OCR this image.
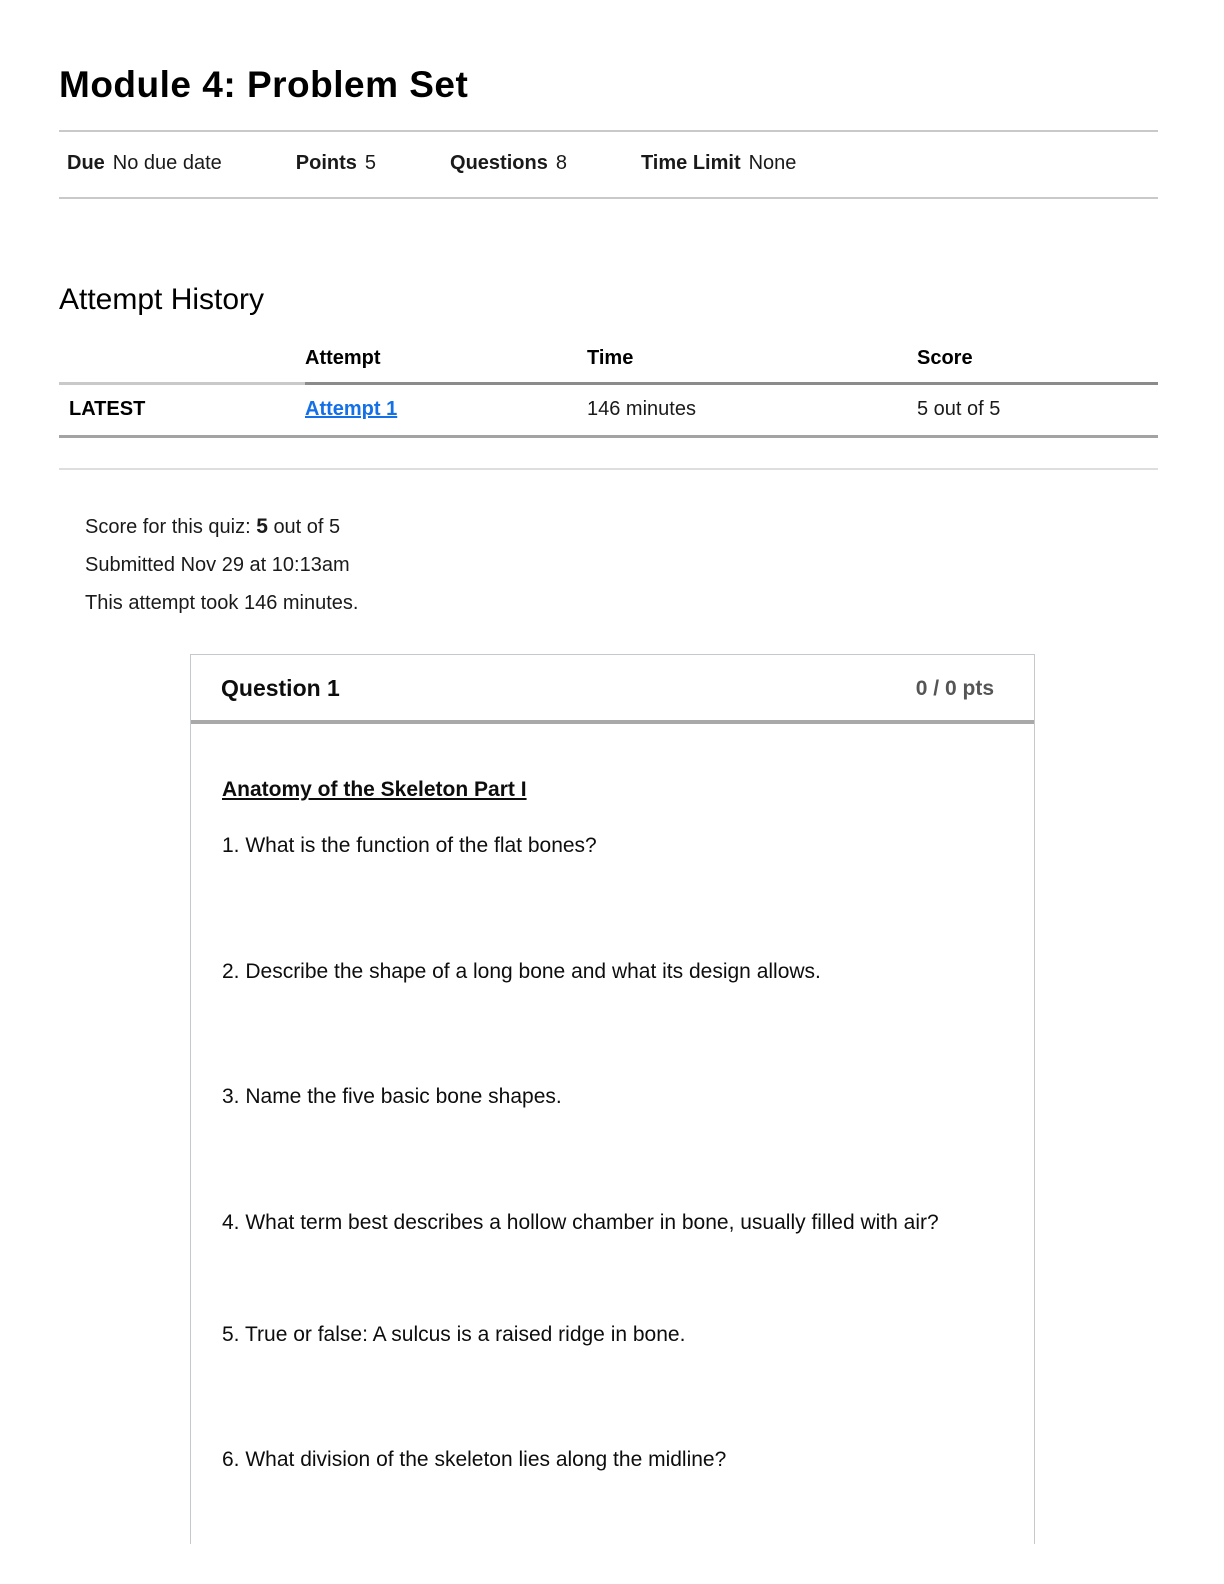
Module 4: Problem Set
Due No due date	Points 5	Questions 8	Time Limit None
Attempt History
	Attempt	Time	Score
LATEST	Attempt 1	146 minutes	5 out of 5
Score for this quiz: 5 out of 5
Submitted Nov 29 at 10:13am
This attempt took 146 minutes.
Question 1	0 / 0 pts
Anatomy of the Skeleton Part I

1. What is the function of the flat bones?

2. Describe the shape of a long bone and what its design allows.

3. Name the five basic bone shapes.

4. What term best describes a hollow chamber in bone, usually filled with air?

5. True or false: A sulcus is a raised ridge in bone.

6. What division of the skeleton lies along the midline?
